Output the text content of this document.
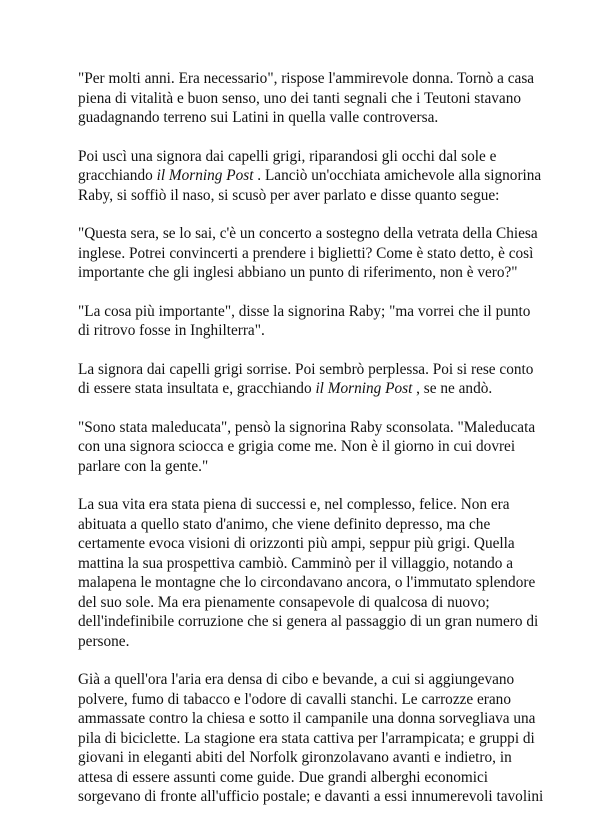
"Per molti anni. Era necessario", rispose l'ammirevole donna. Tornò a casa
piena di vitalità e buon senso, uno dei tanti segnali che i Teutoni stavano
guadagnando terreno sui Latini in quella valle controversa.

Poi uscì una signora dai capelli grigi, riparandosi gli occhi dal sole e
gracchiando il Morning Post . Lanciò un'occhiata amichevole alla signorina
Raby, si soffiò il naso, si scusò per aver parlato e disse quanto segue:

"Questa sera, se lo sai, c'è un concerto a sostegno della vetrata della Chiesa
inglese. Potrei convincerti a prendere i biglietti? Come è stato detto, è così
importante che gli inglesi abbiano un punto di riferimento, non è vero?"

"La cosa più importante", disse la signorina Raby; "ma vorrei che il punto
di ritrovo fosse in Inghilterra".

La signora dai capelli grigi sorrise. Poi sembrò perplessa. Poi si rese conto
di essere stata insultata e, gracchiando il Morning Post , se ne andò.

"Sono stata maleducata", pensò la signorina Raby sconsolata. "Maleducata
con una signora sciocca e grigia come me. Non è il giorno in cui dovrei
parlare con la gente."

La sua vita era stata piena di successi e, nel complesso, felice. Non era
abituata a quello stato d'animo, che viene definito depresso, ma che
certamente evoca visioni di orizzonti più ampi, seppur più grigi. Quella
mattina la sua prospettiva cambiò. Camminò per il villaggio, notando a
malapena le montagne che lo circondavano ancora, o l'immutato splendore
del suo sole. Ma era pienamente consapevole di qualcosa di nuovo;
dell'indefinibile corruzione che si genera al passaggio di un gran numero di
persone.

Già a quell'ora l'aria era densa di cibo e bevande, a cui si aggiungevano
polvere, fumo di tabacco e l'odore di cavalli stanchi. Le carrozze erano
ammassate contro la chiesa e sotto il campanile una donna sorvegliava una
pila di biciclette. La stagione era stata cattiva per l'arrampicata; e gruppi di
giovani in eleganti abiti del Norfolk gironzolavano avanti e indietro, in
attesa di essere assunti come guide. Due grandi alberghi economici
sorgevano di fronte all'ufficio postale; e davanti a essi innumerevoli tavolini
